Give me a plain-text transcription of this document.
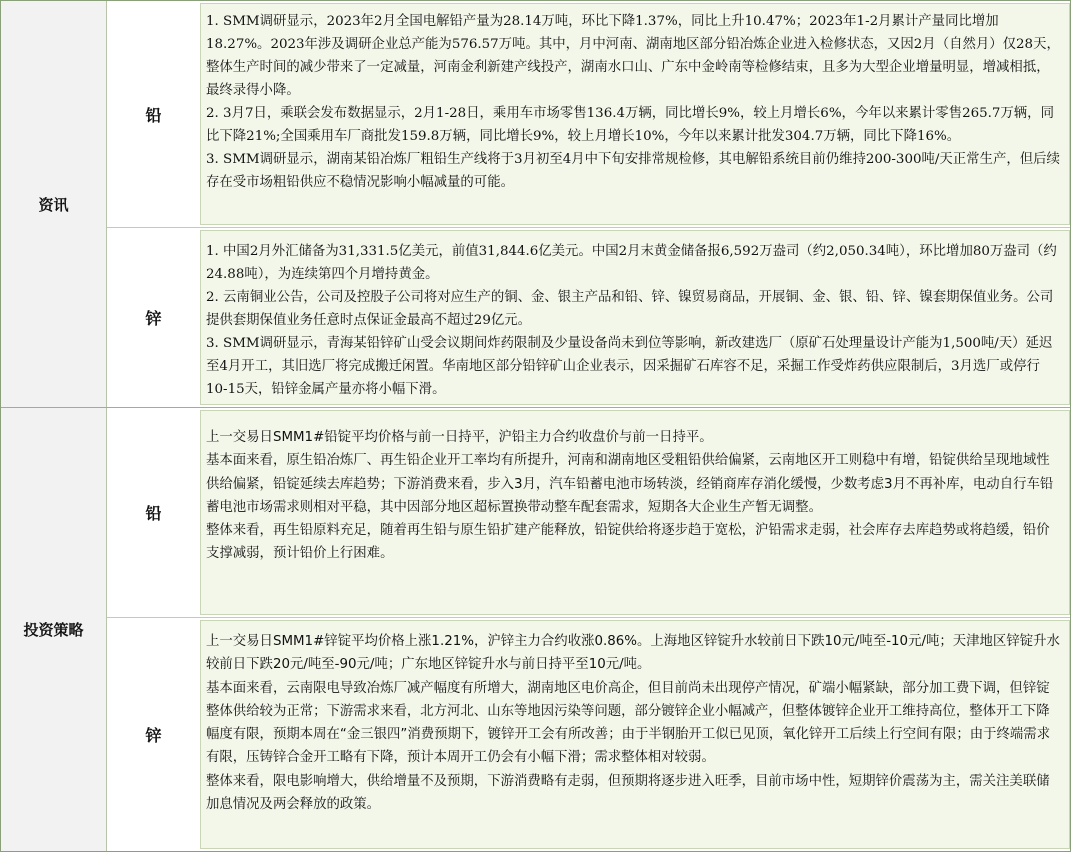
资讯
铅

1. SMM调研显示，2023年2月全国电解铅产量为28.14万吨，环比下降1.37%，同比上升10.47%；2023年1-2月累计产量同比增加18.27%。2023年涉及调研企业总产能为576.57万吨。其中，月中河南、湖南地区部分铅冶炼企业进入检修状态，又因2月（自然月）仅28天，整体生产时间的减少带来了一定减量，河南金利新建产线投产，湖南水口山、广东中金岭南等检修结束，且多为大型企业增量明显，增减相抵，最终录得小降。

2. 3月7日，乘联会发布数据显示，2月1-28日，乘用车市场零售136.4万辆，同比增长9%，较上月增长6%，今年以来累计零售265.7万辆，同比下降21%;全国乘用车厂商批发159.8万辆，同比增长9%，较上月增长10%，今年以来累计批发304.7万辆，同比下降16%。

3. SMM调研显示，湖南某铅冶炼厂粗铅生产线将于3月初至4月中下旬安排常规检修，其电解铅系统目前仍维持200-300吨/天正常生产，但后续存在受市场粗铅供应不稳情况影响小幅减量的可能。

锌

1. 中国2月外汇储备为31,331.5亿美元，前值31,844.6亿美元。中国2月末黄金储备报6,592万盎司（约2,050.34吨），环比增加80万盎司（约24.88吨），为连续第四个月增持黄金。

2. 云南铜业公告，公司及控股子公司将对应生产的铜、金、银主产品和铅、锌、镍贸易商品，开展铜、金、银、铅、锌、镍套期保值业务。公司提供套期保值业务任意时点保证金最高不超过29亿元。

3. SMM调研显示，青海某铅锌矿山受会议期间炸药限制及少量设备尚未到位等影响，新改建选厂（原矿石处理量设计产能为1,500吨/天）延迟至4月开工，其旧选厂将完成搬迁闲置。华南地区部分铅锌矿山企业表示，因采掘矿石库容不足，采掘工作受炸药供应限制后，3月选厂或停行10-15天，铅锌金属产量亦将小幅下滑。

投资策略
铅

上一交易日SMM1#铅锭平均价格与前一日持平，沪铅主力合约收盘价与前一日持平。

基本面来看，原生铅冶炼厂、再生铅企业开工率均有所提升，河南和湖南地区受粗铅供给偏紧，云南地区开工则稳中有增，铅锭供给呈现地域性供给偏紧，铅锭延续去库趋势；下游消费来看，步入3月，汽车铅蓄电池市场转淡，经销商库存消化缓慢，少数考虑3月不再补库，电动自行车铅蓄电池市场需求则相对平稳，其中因部分地区超标置换带动整车配套需求，短期各大企业生产暂无调整。

整体来看，再生铅原料充足，随着再生铅与原生铅扩建产能释放，铅锭供给将逐步趋于宽松，沪铅需求走弱，社会库存去库趋势或将趋缓，铅价支撑减弱，预计铅价上行困难。

锌

上一交易日SMM1#锌锭平均价格上涨1.21%，沪锌主力合约收涨0.86%。上海地区锌锭升水较前日下跌10元/吨至-10元/吨；天津地区锌锭升水较前日下跌20元/吨至-90元/吨；广东地区锌锭升水与前日持平至10元/吨。

基本面来看，云南限电导致冶炼厂减产幅度有所增大，湖南地区电价高企，但目前尚未出现停产情况，矿端小幅紧缺，部分加工费下调，但锌锭整体供给较为正常；下游需求来看，北方河北、山东等地因污染等问题，部分镀锌企业小幅减产，但整体镀锌企业开工维持高位，整体开工下降幅度有限，预期本周在“金三银四”消费预期下，镀锌开工会有所改善；由于半钢胎开工似已见顶，氧化锌开工后续上行空间有限；由于终端需求有限，压铸锌合金开工略有下降，预计本周开工仍会有小幅下滑；需求整体相对较弱。

整体来看，限电影响增大，供给增量不及预期，下游消费略有走弱，但预期将逐步进入旺季，目前市场中性，短期锌价震荡为主，需关注美联储加息情况及两会释放的政策。
